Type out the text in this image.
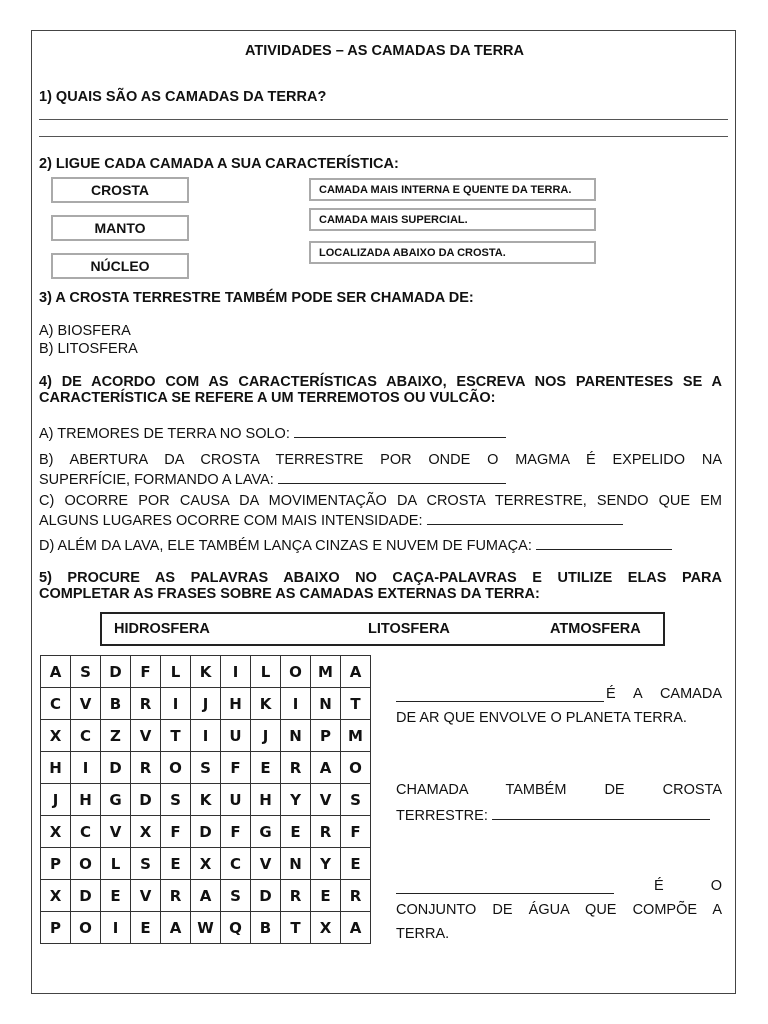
ATIVIDADES – AS CAMADAS DA TERRA
1) QUAIS SÃO AS CAMADAS DA TERRA?
2) LIGUE CADA CAMADA A SUA CARACTERÍSTICA:
CROSTA
MANTO
NÚCLEO
CAMADA MAIS INTERNA E QUENTE DA TERRA.
CAMADA MAIS SUPERCIAL.
LOCALIZADA ABAIXO DA CROSTA.
3) A CROSTA TERRESTRE TAMBÉM PODE SER CHAMADA DE:
A) BIOSFERA
B) LITOSFERA
4) DE ACORDO COM AS CARACTERÍSTICAS ABAIXO, ESCREVA NOS PARENTESES SE A
CARACTERÍSTICA SE REFERE A UM TERREMOTOS OU VULCÃO:
A) TREMORES DE TERRA NO SOLO:
B) ABERTURA DA CROSTA TERRESTRE POR ONDE O MAGMA É EXPELIDO NA
SUPERFÍCIE, FORMANDO A LAVA:
C) OCORRE POR CAUSA DA MOVIMENTAÇÃO DA CROSTA TERRESTRE, SENDO QUE EM
ALGUNS LUGARES OCORRE COM MAIS INTENSIDADE:
D) ALÉM DA LAVA, ELE TAMBÉM LANÇA CINZAS E NUVEM DE FUMAÇA:
5) PROCURE AS PALAVRAS ABAIXO NO CAÇA-PALAVRAS E UTILIZE ELAS PARA
COMPLETAR AS FRASES SOBRE AS CAMADAS EXTERNAS DA TERRA:
HIDROSFERA	LITOSFERA	ATMOSFERA
A	S	D	F	L	K	I	L	O	M	A
C	V	B	R	I	J	H	K	I	N	T
X	C	Z	V	T	I	U	J	N	P	M
H	I	D	R	O	S	F	E	R	A	O
J	H	G	D	S	K	U	H	Y	V	S
X	C	V	X	F	D	F	G	E	R	F
P	O	L	S	E	X	C	V	N	Y	E
X	D	E	V	R	A	S	D	R	E	R
P	O	I	E	A	W	Q	B	T	X	A
É A CAMADA
DE AR QUE ENVOLVE O PLANETA TERRA.
CHAMADA TAMBÉM DE CROSTA
TERRESTRE:
É O
CONJUNTO DE ÁGUA QUE COMPÕE A
TERRA.
